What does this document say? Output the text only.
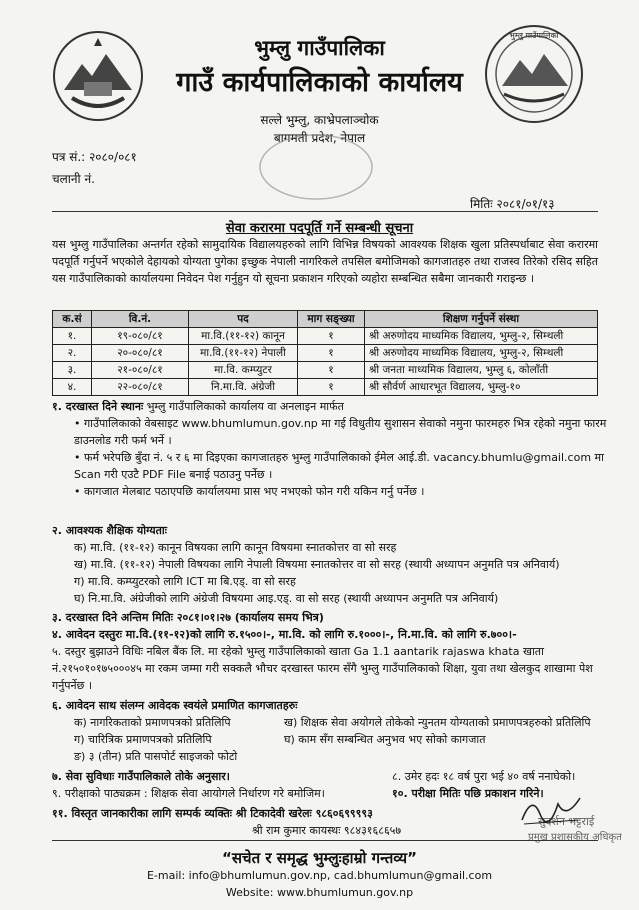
भुम्लु गाउँपालिका
भुम्लु गाउँपालिका
गाउँ कार्यपालिकाको कार्यालय
सल्ले भुम्लु, काभ्रेपलाञ्चोक
बागमती प्रदेश, नेपाल
पत्र सं.: २०८०/०८१
चलानी नं.
मितिः २०८१/०१/१३
सेवा करारमा पदपूर्ति गर्ने सम्बन्धी सूचना
यस भुम्लु गाउँपालिका अन्तर्गत रहेको सामुदायिक विद्यालयहरुको लागि विभिन्न विषयको आवश्यक शिक्षक खुला प्रतिस्पर्धाबाट सेवा करारमा पदपूर्ति गर्नुपर्ने भएकोले देहायको योग्यता पुगेका इच्छुक नेपाली नागरिकले तपसिल बमोजिमको कागजातहरु तथा राजस्व तिरेको रसिद सहित यस गाउँपालिकाको कार्यालयमा निवेदन पेश गर्नुहुन यो सूचना प्रकाशन गरिएको व्यहोरा सम्बन्धित सबैमा जानकारी गराइन्छ ।
क.सं	वि.नं.	पद	माग सङ्ख्या	शिक्षण गर्नुपर्ने संस्था
१.	१९-०८०/८१	मा.वि.(११-१२) कानून	१	श्री अरुणोदय माध्यमिक विद्यालय, भुम्लु-२, सिम्थली
२.	२०-०८०/८१	मा.वि.(११-१२) नेपाली	१	श्री अरुणोदय माध्यमिक विद्यालय, भुम्लु-२, सिम्थली
३.	२१-०८०/८१	मा.वि. कम्प्युटर	१	श्री जनता माध्यमिक विद्यालय, भुम्लु ६, कोलाँती
४.	२२-०८०/८१	नि.मा.वि. अंग्रेजी	१	श्री सौर्वर्ण आधारभूत विद्यालय, भुम्लु-१०
१. दरखास्त दिने स्थानः भुम्लु गाउँपालिकाको कार्यालय वा अनलाइन मार्फत
• गाउँपालिकाको वेबसाइट www.bhumlumun.gov.np मा गई विधुतीय सुशासन सेवाको नमुना फारमहरु भित्र रहेको नमुना फारम डाउनलोड गरी फर्म भर्ने ।
• फर्म भरेपछि बुँदा नं. ५ र ६ मा दिइएका कागजातहरु भुम्लु गाउँपालिकाको ईमेल आई.डी. vacancy.bhumlu@gmail.com मा Scan गरी एउटै PDF File बनाई पठाउनु पर्नेछ ।
• कागजात मेलबाट पठाएपछि कार्यालयमा प्रास भए नभएको फोन गरी यकिन गर्नु पर्नेछ ।
२. आवश्यक शैक्षिक योग्यताः
क) मा.वि. (११-१२) कानून विषयका लागि कानून विषयमा स्नातकोत्तर वा सो सरह
ख) मा.वि. (११-१२) नेपाली विषयका लागि नेपाली विषयमा स्नातकोत्तर वा सो सरह (स्थायी अध्यापन अनुमति पत्र अनिवार्य)
ग) मा.वि. कम्प्युटरको लागि ICT मा बि.एड्. वा सो सरह
घ) नि.मा.वि. अंग्रेजीको लागि अंग्रेजी विषयमा आइ.एड्. वा सो सरह (स्थायी अध्यापन अनुमति पत्र अनिवार्य)
३. दरखास्त दिने अन्तिम मितिः २०८१।०१।२७ (कार्यालय समय भित्र)
४. आवेदन दस्तुरः मा.वि.(११-१२)को लागि रु.१५००।-, मा.वि. को लागि रु.१०००।-, नि.मा.वि. को लागि रु.७००।-
५. दस्तुर बुझाउने विधिः नबिल बैंक लि. मा रहेको भुम्लु गाउँपालिकाको खाता Ga 1.1 aantarik rajaswa khata खाता नं.२१५०१०१७५०००४५ मा रकम जम्मा गरी सक्कलै भौचर दरखास्त फारम सँगै भुम्लु गाउँपालिकाको शिक्षा, युवा तथा खेलकुद शाखामा पेश गर्नुपर्नेछ ।
६. आवेदन साथ संलग्न आवेदक स्वयंले प्रमाणित कागजातहरुः
क) नागरिकताको प्रमाणपत्रको प्रतिलिपि	ख) शिक्षक सेवा अयोगले तोकेको न्युनतम योग्यताको प्रमाणपत्रहरुको प्रतिलिपि
ग) चारित्रिक प्रमाणपत्रको प्रतिलिपि	घ) काम सँग सम्बन्धित अनुभव भए सोको कागजात
ङ) ३ (तीन) प्रति पासपोर्ट साइजको फोटो
७. सेवा सुविधाः गाउँपालिकाले तोके अनुसार।	८. उमेर हदः १८ वर्ष पुरा भई ४० वर्ष ननाघेको।
९. परीक्षाको पाठ्यक्रम : शिक्षक सेवा आयोगले निर्धारण गरे बमोजिम।	१०. परीक्षा मितिः पछि प्रकाशन गरिने।
११. विस्तृत जानकारीका लागि सम्पर्क व्यक्तिः श्री टिकादेवी खरेलः ९८६०६९९९९३
श्री राम कुमार कायस्थः ९८४३१६८६५७
सुदर्शन भट्टराई
प्रमुख प्रशासकीय अधिकृत
“सचेत र समृद्ध भुम्लुःहाम्रो गन्तव्य”
E-mail: info@bhumlumun.gov.np, cad.bhumlumun@gmail.com
Website: www.bhumlumun.gov.np
